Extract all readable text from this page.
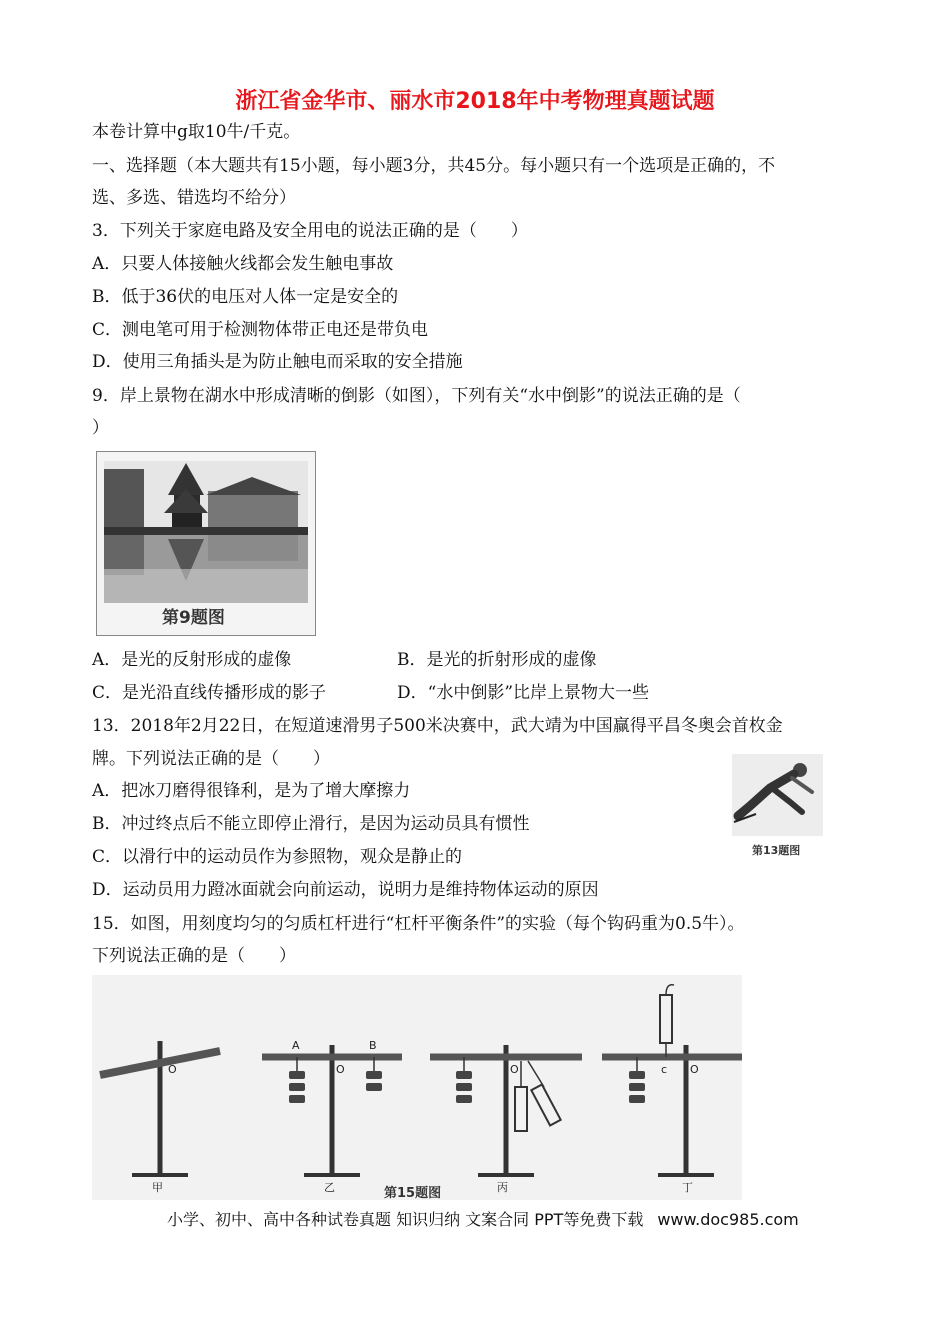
浙江省金华市、丽水市2018年中考物理真题试题
本卷计算中g取10牛/千克。
一、选择题（本大题共有15小题，每小题3分，共45分。每小题只有一个选项是正确的，不
选、多选、错选均不给分）
3．下列关于家庭电路及安全用电的说法正确的是（　　）
A．只要人体接触火线都会发生触电事故
B．低于36伏的电压对人体一定是安全的
C．测电笔可用于检测物体带正电还是带负电
D．使用三角插头是为防止触电而采取的安全措施
9．岸上景物在湖水中形成清晰的倒影（如图），下列有关“水中倒影”的说法正确的是（
）
第9题图
A．是光的反射形成的虚像	B．是光的折射形成的虚像
C．是光沿直线传播形成的影子	D．“水中倒影”比岸上景物大一些
13．2018年2月22日，在短道速滑男子500米决赛中，武大靖为中国赢得平昌冬奥会首枚金
牌。下列说法正确的是（　　）
A．把冰刀磨得很锋利，是为了增大摩擦力
B．冲过终点后不能立即停止滑行，是因为运动员具有惯性
C．以滑行中的运动员作为参照物，观众是静止的
D．运动员用力蹬冰面就会向前运动，说明力是维持物体运动的原因
第13题图
15．如图，用刻度均匀的匀质杠杆进行“杠杆平衡条件”的实验（每个钩码重为0.5牛）。
下列说法正确的是（　　）
O	O
A	B
O	O
c
甲	乙	丙	丁
第15题图
小学、初中、高中各种试卷真题 知识归纳 文案合同 PPT等免费下载 www.doc985.com
